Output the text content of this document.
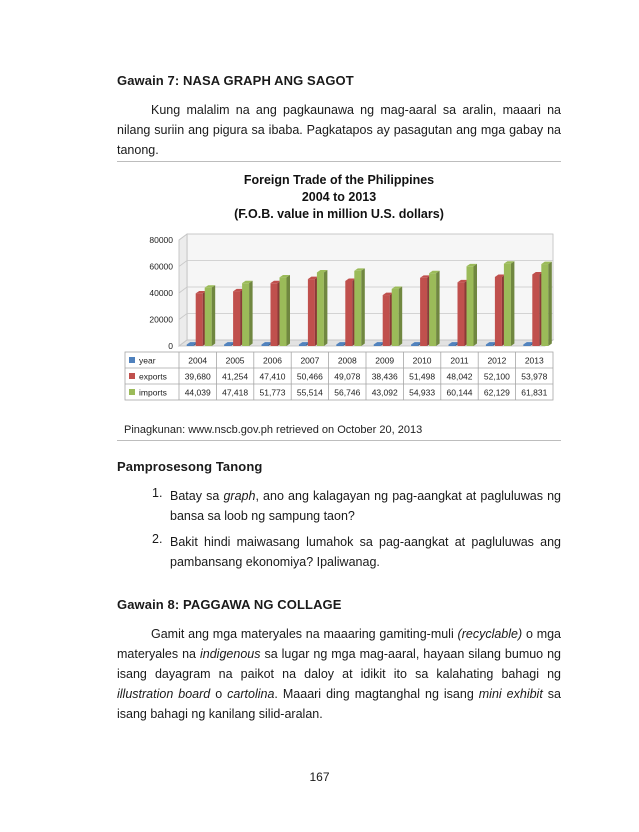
Gawain 7: NASA GRAPH ANG SAGOT
Kung malalim na ang pagkaunawa ng mag-aaral sa aralin, maaari na nilang suriin ang pigura sa ibaba. Pagkatapos ay pasagutan ang mga gabay na tanong.
Foreign Trade of the Philippines
2004 to 2013
(F.O.B. value in million U.S. dollars)
80000
60000
40000
20000
0
year	2004 2005 2006 2007 2008 2009 2010 2011 2012 2013
exports 39,680 41,254 47,410 50,466 49,078 38,436 51,498 48,042 52,100 53,978
imports 44,039 47,418 51,773 55,514 56,746 43,092 54,933 60,144 62,129 61,831
Pinagkunan: www.nscb.gov.ph retrieved on October 20, 2013
Pamprosesong Tanong
1. Batay sa graph, ano ang kalagayan ng pag-aangkat at pagluluwas ng bansa sa loob ng sampung taon?
2. Bakit hindi maiwasang lumahok sa pag-aangkat at pagluluwas ang pambansang ekonomiya? Ipaliwanag.
Gawain 8: PAGGAWA NG COLLAGE
Gamit ang mga materyales na maaaring gamiting-muli (recyclable) o mga materyales na indigenous sa lugar ng mga mag-aaral, hayaan silang bumuo ng isang dayagram na paikot na daloy at idikit ito sa kalahating bahagi ng illustration board o cartolina. Maaari ding magtanghal ng isang mini exhibit sa isang bahagi ng kanilang silid-aralan.
167
